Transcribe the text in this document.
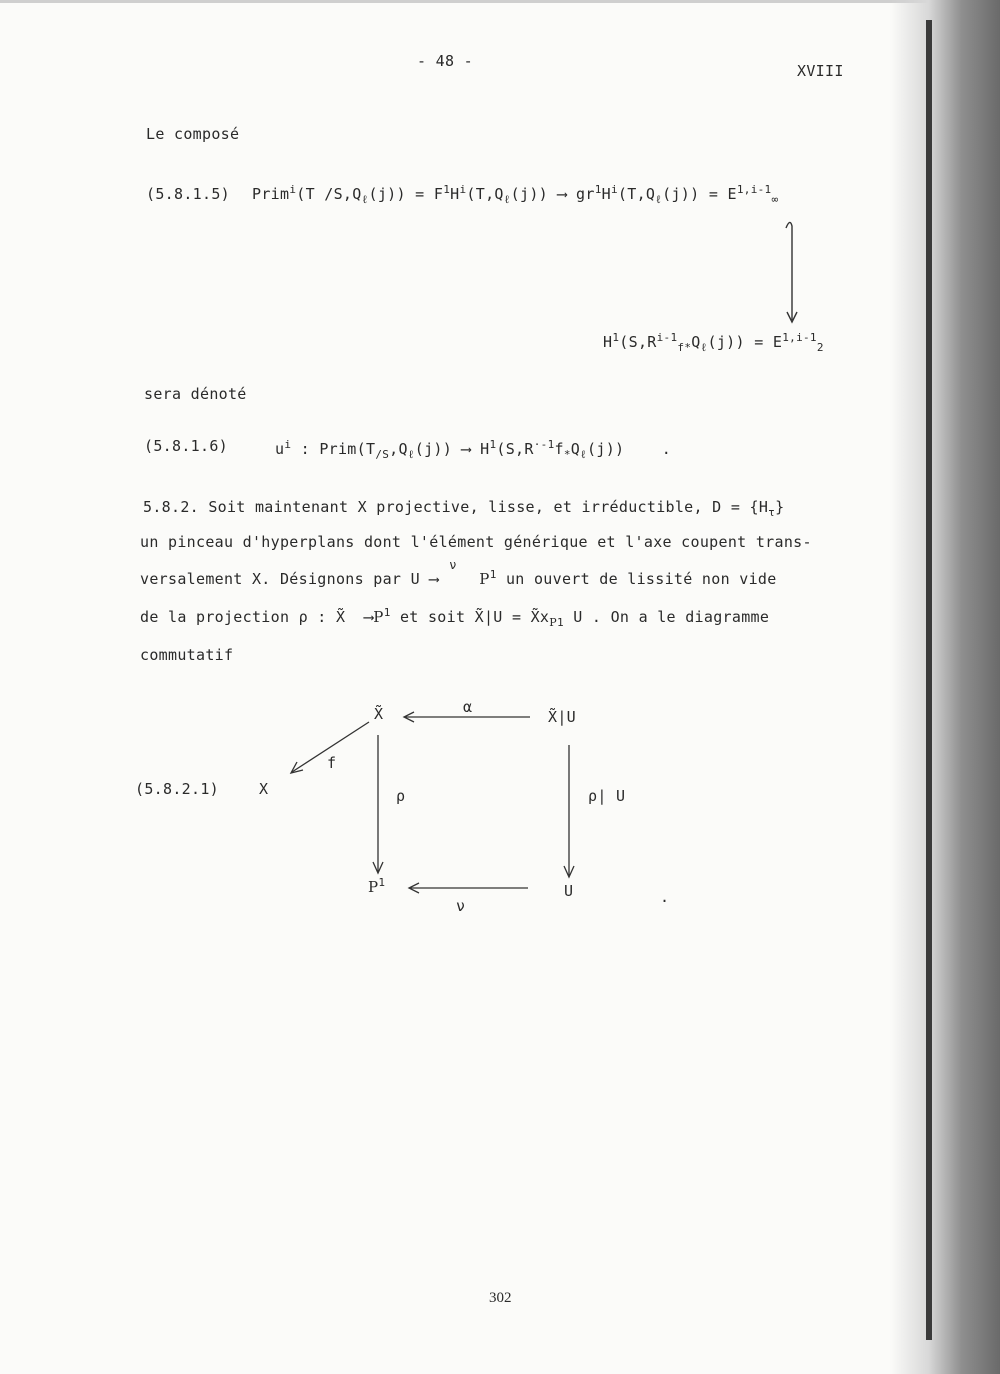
- 48 -
XVIII
Le composé
(5.8.1.5) Prim$^i$(T $/S,Q_\ell(j)) = F^1H^i(T,Q_\ell(j))$ ⟶ $gr^1H^i(T,Q_\ell(j)) = E^{1,i-1}_\infty$
$H^1(S,R^{i-1}_{f*}Q_\ell(j)) = E^{1,i-1}_2$
sera dénoté
(5.8.1.6)	$u^i$ : $Prim(T_{/S},Q_\ell(j))$ ⟶ $H^1(S,R^{\cdot-1}f_*Q_\ell(j))$ .
5.8.2. Soit maintenant X projective, lisse, et irréductible, $D = \{H_\tau\}$
un pinceau d'hyperplans dont l'élément générique et l'axe coupent trans-
versalement X. Désignons par U
ν
⟶	$P^1$ un ouvert de lissité non vide
de la projection ρ : X̃  $⟶P^1$ et soit X̃|U = $X̃x_{P1}$ U . On a le diagramme
commutatif
(5.8.2.1)	X
X̃	X̃|U
$P^1$	U
α
f
ρ	ρ| U
ν	.
302
